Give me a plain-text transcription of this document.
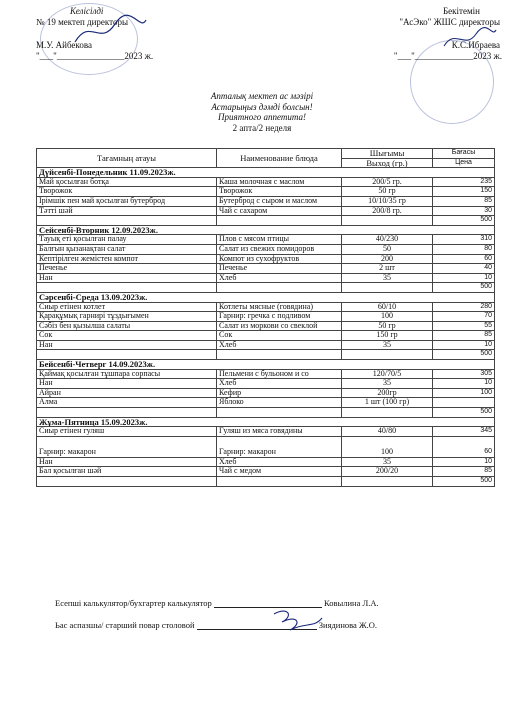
Келісілді
№ 19 мектеп директоры
М.У. Айбекова
"___"_______________2023 ж.
Бекітемін
"АсЭко" ЖШС директоры
К.С.Ибраева
"___"_____________2023 ж.
Апталық мектеп ас мәзірі
Астарыңыз дәмді болсын!
Приятного аппетита!
2 апта/2 неделя
Тағамның атауы	Наименование блюда	Шығымы	Бағасы
		Выход (гр.)	Цена
Дүйсенбі-Понедельник 11.09.2023ж.			
Май қосылған ботқа	Каша молочная с маслом	200/5 гр.	235
Творожок	Творожок	50 гр	150
Ірімшік пен май қосылған бутерброд	Бутерброд с сыром и маслом	10/10/35 гр	85
Тәтті шәй	Чай с сахаром	200/8 гр.	30
			500
Сейсенбі-Вторник 12.09.2023ж.			
Тауық еті қосылған палау	Плов с мясом птицы	40/230	310
Балғын қызанақтан салат	Салат из свежих помидоров	50	80
Кептірілген жемістен компот	Компот из сухофруктов	200	60
Печенье	Печенье	2 шт	40
Нан	Хлеб	35	10
			500
Сәрсенбі-Среда 13.09.2023ж.			
Сиыр етінен котлет	Котлеты мясные (говядина)	60/10	280
Қарақұмық гарнирі тұздығымен	Гарнир: гречка с подливом	100	70
Сәбіз бен қызылша салаты	Салат из моркови со свеклой	50 гр	55
Сок	Сок	150 гр	85
Нан	Хлеб	35	10
			500
Бейсенбі-Четверг 14.09.2023ж.			
Қаймақ қосылған тұшпара сорпасы	Пельмени с бульоном и со	120/70/5	305
Нан	Хлеб	35	10
Айран	Кефир	200гр	100
Алма	Яблоко	1 шт (100 гр)	
			500
Жұма-Пятница 15.09.2023ж.			
Сиыр етінен гуляш	Гуляш из мяса говядины	40/80	345
Гарнир: макарон	Гарнир: макарон	100	60
Нан	Хлеб	35	10
Бал қосылған шәй	Чай с медом	200/20	85
			500
Есепші калькулятор/бухгартер калькулятор	Ковылина Л.А.
Ьас аспазшы/ старший повар столовой	Зиядинова Ж.О.
